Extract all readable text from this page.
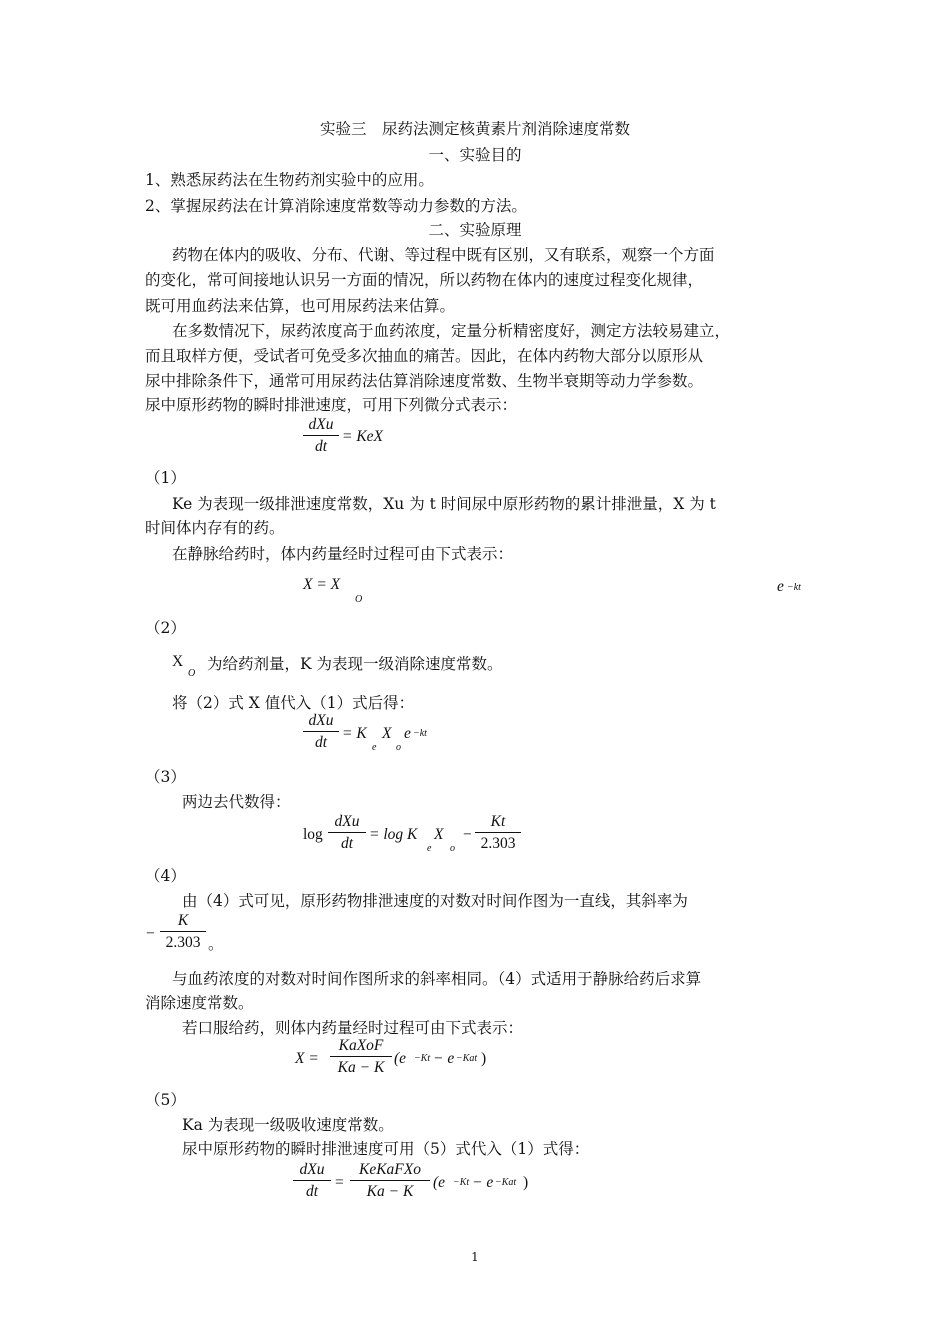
实验三　尿药法测定核黄素片剂消除速度常数
一、实验目的
1、熟悉尿药法在生物药剂实验中的应用。
2、掌握尿药法在计算消除速度常数等动力参数的方法。
二、实验原理
药物在体内的吸收、分布、代谢、等过程中既有区别，又有联系，观察一个方面
的变化，常可间接地认识另一方面的情况，所以药物在体内的速度过程变化规律，
既可用血药法来估算，也可用尿药法来估算。
在多数情况下，尿药浓度高于血药浓度，定量分析精密度好，测定方法较易建立，
而且取样方便，受试者可免受多次抽血的痛苦。因此，在体内药物大部分以原形从
尿中排除条件下，通常可用尿药法估算消除速度常数、生物半衰期等动力学参数。
尿中原形药物的瞬时排泄速度，可用下列微分式表示：
dXu
dt
= KeX
（1）
Ke 为表现一级排泄速度常数，Xu 为 t 时间尿中原形药物的累计排泄量，X 为 t
时间体内存有的药。
在静脉给药时，体内药量经时过程可由下式表示：
X = X
O
e −kt
（2）
X
O
为给药剂量，K 为表现一级消除速度常数。
将（2）式 X 值代入（1）式后得：
dXu
dt
= K
e
X
o
e −kt
（3）
两边去代数得：
log
dXu
dt
= log K
e
X
o
−
Kt
2.303
（4）
由（4）式可见，原形药物排泄速度的对数对时间作图为一直线，其斜率为
−
K
2.303 。
与血药浓度的对数对时间作图所求的斜率相同。（4）式适用于静脉给药后求算
消除速度常数。
若口服给药，则体内药量经时过程可由下式表示：
X =
KaXoF
Ka − K
(e −Kt − e −Kat )
（5）
Ka 为表现一级吸收速度常数。
尿中原形药物的瞬时排泄速度可用（5）式代入（1）式得：
dXu
dt
=
KeKaFXo
Ka − K
(e −Kt − e −Kat )
1
